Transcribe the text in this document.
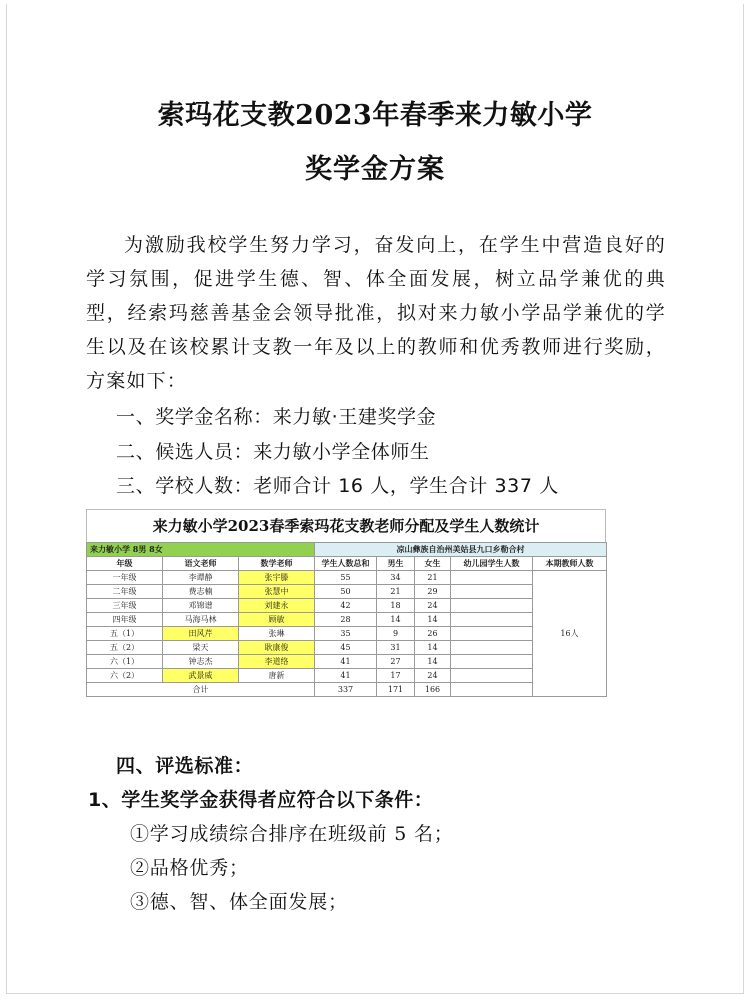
索玛花支教2023年春季来力敏小学
奖学金方案
为激励我校学生努力学习，奋发向上，在学生中营造良好的学习氛围，促进学生德、智、体全面发展，树立品学兼优的典型，经索玛慈善基金会领导批准，拟对来力敏小学品学兼优的学生以及在该校累计支教一年及以上的教师和优秀教师进行奖励，方案如下：
一、奖学金名称：来力敏·王建奖学金
二、候选人员：来力敏小学全体师生
三、学校人数：老师合计 16 人，学生合计 337 人
来力敏小学2023春季索玛花支教老师分配及学生人数统计
来力敏小学 8男 8女			凉山彝族自治州美姑县九口乡勒合村				
年级	语文老师	数学老师	学生人数总和	男生	女生	幼儿园学生人数	本期教师人数
一年级	李谭静	张宇滕	55	34	21		16人
二年级	费志楠	张慧中	50	21	29		
三年级	邓锦谱	刘建永	42	18	24		
四年级	马海马林	顾敏	28	14	14		
五（1）	田风芹	张琳	35	9	26		
五（2）	梁天	耿康俊	45	31	14		
六（1）	钟志杰	李道络	41	27	14		
六（2）	武景威	唐新	41	17	24		
合计			337	171	166		
四、评选标准：
1、学生奖学金获得者应符合以下条件：
①学习成绩综合排序在班级前 5 名；
②品格优秀；
③德、智、体全面发展；
